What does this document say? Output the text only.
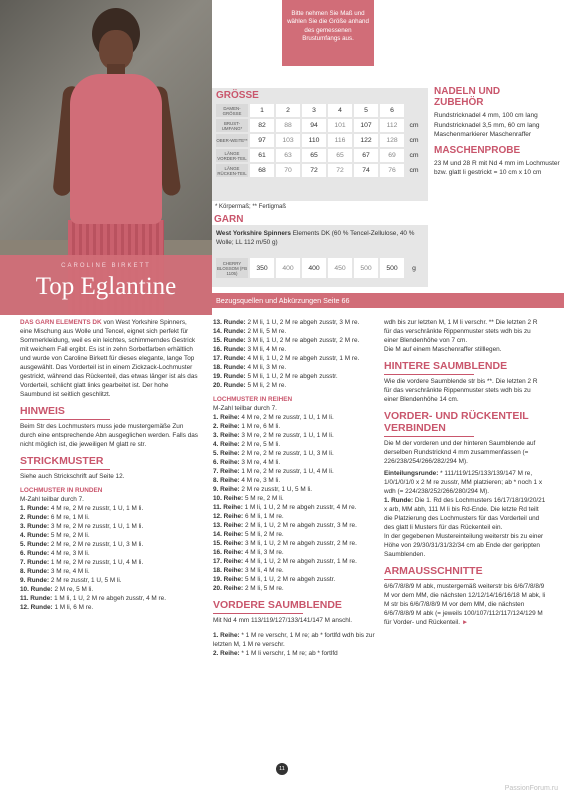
CAROLINE BIRKETT
Top Eglantine
Bitte nehmen Sie Maß und wählen Sie die Größe anhand des gemessenen Brustumfangs aus.
GRÖSSE
DAMEN-GRÖSSE	1	2	3	4	5	6	
BRUST-UMFANG*	82	88	94	101	107	112	cm
OBER-WEITE**	97	103	110	116	122	128	cm
LÄNGE VORDER-TEIL	61	63	65	65	67	69	cm
LÄNGE RÜCKEN-TEIL	68	70	72	72	74	76	cm
* Körpermaß; ** Fertigmaß
GARN
West Yorkshire Spinners Elements DK (60 % Tencel-Zellulose, 40 % Wolle; LL 112 m/50 g)
CHERRY BLOSSOM (FB 1105)	350	400	400	450	500	500	g
NADELN UND ZUBEHÖR
Rundstricknadel 4 mm, 100 cm lang Rundstricknadel 3,5 mm, 60 cm lang Maschenmarkierer Maschenraffer
MASCHENPROBE
23 M und 28 R mit Nd 4 mm im Lochmuster bzw. glatt li gestrickt = 10 cm x 10 cm
Bezugsquellen und Abkürzungen Seite 66

DAS GARN ELEMENTS DK von West Yorkshire Spinners, eine Mischung aus Wolle und Tencel, eignet sich perfekt für Sommerkleidung, weil es ein leichtes, schimmerndes Gestrick mit weichem Fall ergibt. Es ist in zehn Sorbetfarben erhältlich und wurde von Caroline Birkett für dieses elegante, lange Top ausgewählt. Das Vorderteil ist in einem Zickzack-Lochmuster gestrickt, während das Rückenteil, das etwas länger ist als das Vorderteil, schlicht glatt links gearbeitet ist. Der hohe Saumbund ist seitlich geschlitzt.

HINWEIS

Beim Str des Lochmusters muss jede mustergemäße Zun durch eine entsprechende Abn ausgeglichen werden. Falls das nicht möglich ist, die jeweiligen M glatt re str.

STRICKMUSTER

Siehe auch Strickschrift auf Seite 12.

LOCHMUSTER IN RUNDEN

M-Zahl teilbar durch 7.

1. Runde: 4 M re, 2 M re zusstr, 1 U, 1 M li.

2. Runde: 6 M re, 1 M li.

3. Runde: 3 M re, 2 M re zusstr, 1 U, 1 M li.

4. Runde: 5 M re, 2 M li.

5. Runde: 2 M re, 2 M re zusstr, 1 U, 3 M li.

6. Runde: 4 M re, 3 M li.

7. Runde: 1 M re, 2 M re zusstr, 1 U, 4 M li.

8. Runde: 3 M re, 4 M li.

9. Runde: 2 M re zusstr, 1 U, 5 M li.

10. Runde: 2 M re, 5 M li.

11. Runde: 1 M li, 1 U, 2 M re abgeh zusstr, 4 M re.

12. Runde: 1 M li, 6 M re.

13. Runde: 2 M li, 1 U, 2 M re abgeh zusstr, 3 M re.

14. Runde: 2 M li, 5 M re.

15. Runde: 3 M li, 1 U, 2 M re abgeh zusstr, 2 M re.

16. Runde: 3 M li, 4 M re.

17. Runde: 4 M li, 1 U, 2 M re abgeh zusstr, 1 M re.

18. Runde: 4 M li, 3 M re.

19. Runde: 5 M li, 1 U, 2 M re abgeh zusstr.

20. Runde: 5 M li, 2 M re.

LOCHMUSTER IN REIHEN

M-Zahl teilbar durch 7.

1. Reihe: 4 M re, 2 M re zusstr, 1 U, 1 M li.

2. Reihe: 1 M re, 6 M li.

3. Reihe: 3 M re, 2 M re zusstr, 1 U, 1 M li.

4. Reihe: 2 M re, 5 M li.

5. Reihe: 2 M re, 2 M re zusstr, 1 U, 3 M li.

6. Reihe: 3 M re, 4 M li.

7. Reihe: 1 M re, 2 M re zusstr, 1 U, 4 M li.

8. Reihe: 4 M re, 3 M li.

9. Reihe: 2 M re zusstr, 1 U, 5 M li.

10. Reihe: 5 M re, 2 M li.

11. Reihe: 1 M li, 1 U, 2 M re abgeh zusstr, 4 M re.

12. Reihe: 6 M li, 1 M re.

13. Reihe: 2 M li, 1 U, 2 M re abgeh zusstr, 3 M re.

14. Reihe: 5 M li, 2 M re.

15. Reihe: 3 M li, 1 U, 2 M re abgeh zusstr, 2 M re.

16. Reihe: 4 M li, 3 M re.

17. Reihe: 4 M li, 1 U, 2 M re abgeh zusstr, 1 M re.

18. Reihe: 3 M li, 4 M re.

19. Reihe: 5 M li, 1 U, 2 M re abgeh zusstr.

20. Reihe: 2 M li, 5 M re.

VORDERE SAUMBLENDE

Mit Nd 4 mm 113/119/127/133/141/147 M anschl.

1. Reihe: * 1 M re verschr, 1 M re; ab * fortlfd wdh bis zur letzten M, 1 M re verschr.

2. Reihe: * 1 M li verschr, 1 M re; ab * fortlfd

wdh bis zur letzten M, 1 M li verschr. ** Die letzten 2 R für das verschränkte Rippenmuster stets wdh bis zu einer Blendenhöhe von 7 cm.

Die M auf einem Maschenraffer stilllegen.

HINTERE SAUMBLENDE

Wie die vordere Saumblende str bis **. Die letzten 2 R für das verschränkte Rippenmuster stets wdh bis zu einer Blendenhöhe 14 cm.

VORDER- UND RÜCKENTEIL VERBINDEN

Die M der vorderen und der hinteren Saumblende auf derselben Rundstricknd 4 mm zusammenfassen (= 226/238/254/266/282/294 M).

Einteilungsrunde: * 111/119/125/133/139/147 M re, 1/0/1/0/1/0 x 2 M re zusstr, MM platzieren; ab * noch 1 x wdh (= 224/238/252/266/280/294 M).

1. Runde: Die 1. Rd des Lochmusters 16/17/18/19/20/21 x arb, MM abh, 111 M li bis Rd-Ende. Die letzte Rd teilt die Platzierung des Lochmusters für das Vorderteil und des glatt li Musters für das Rückenteil ein.

In der gegebenen Mustereinteilung weiterstr bis zu einer Höhe von 29/30/31/31/32/34 cm ab Ende der gerippten Saumblenden.

ARMAUSSCHNITTE

6/6/7/8/8/9 M abk, mustergemäß weiterstr bis 6/6/7/8/8/9 M vor dem MM, die nächsten 12/12/14/16/16/18 M abk, li M str bis 6/6/7/8/8/9 M vor dem MM, die nächsten 6/6/7/8/8/9 M abk (= jeweils 100/107/112/117/124/129 M für Vorder- und Rückenteil. ►

11
PassionForum.ru
